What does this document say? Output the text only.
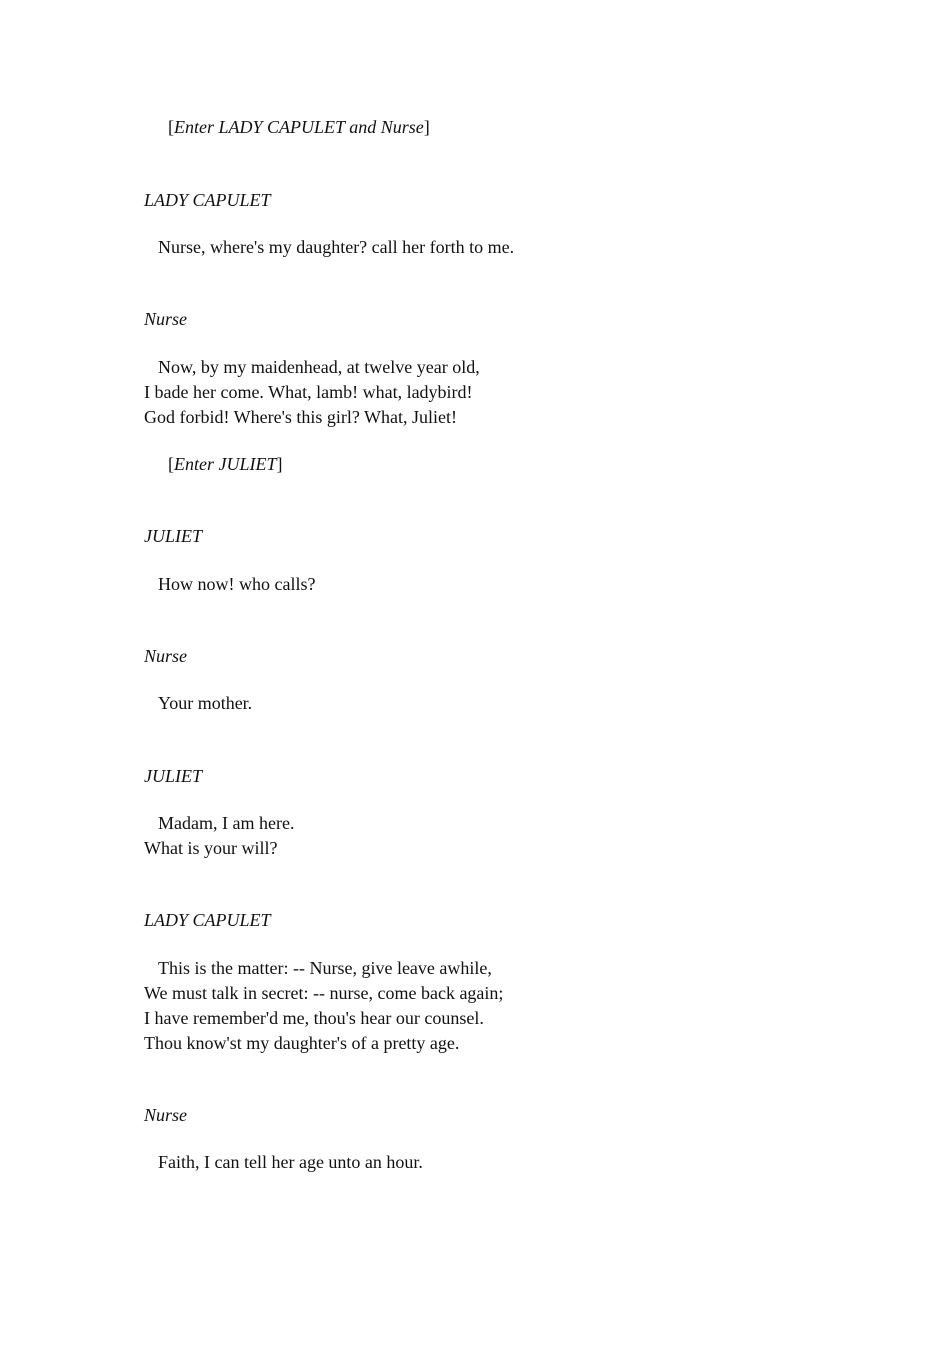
[Enter LADY CAPULET and Nurse]
LADY CAPULET
Nurse, where's my daughter? call her forth to me.
Nurse
Now, by my maidenhead, at twelve year old,
I bade her come. What, lamb! what, ladybird!
God forbid! Where's this girl? What, Juliet!
[Enter JULIET]
JULIET
How now! who calls?
Nurse
Your mother.
JULIET
Madam, I am here.
What is your will?
LADY CAPULET
This is the matter: -- Nurse, give leave awhile,
We must talk in secret: -- nurse, come back again;
I have remember'd me, thou's hear our counsel.
Thou know'st my daughter's of a pretty age.
Nurse
Faith, I can tell her age unto an hour.
